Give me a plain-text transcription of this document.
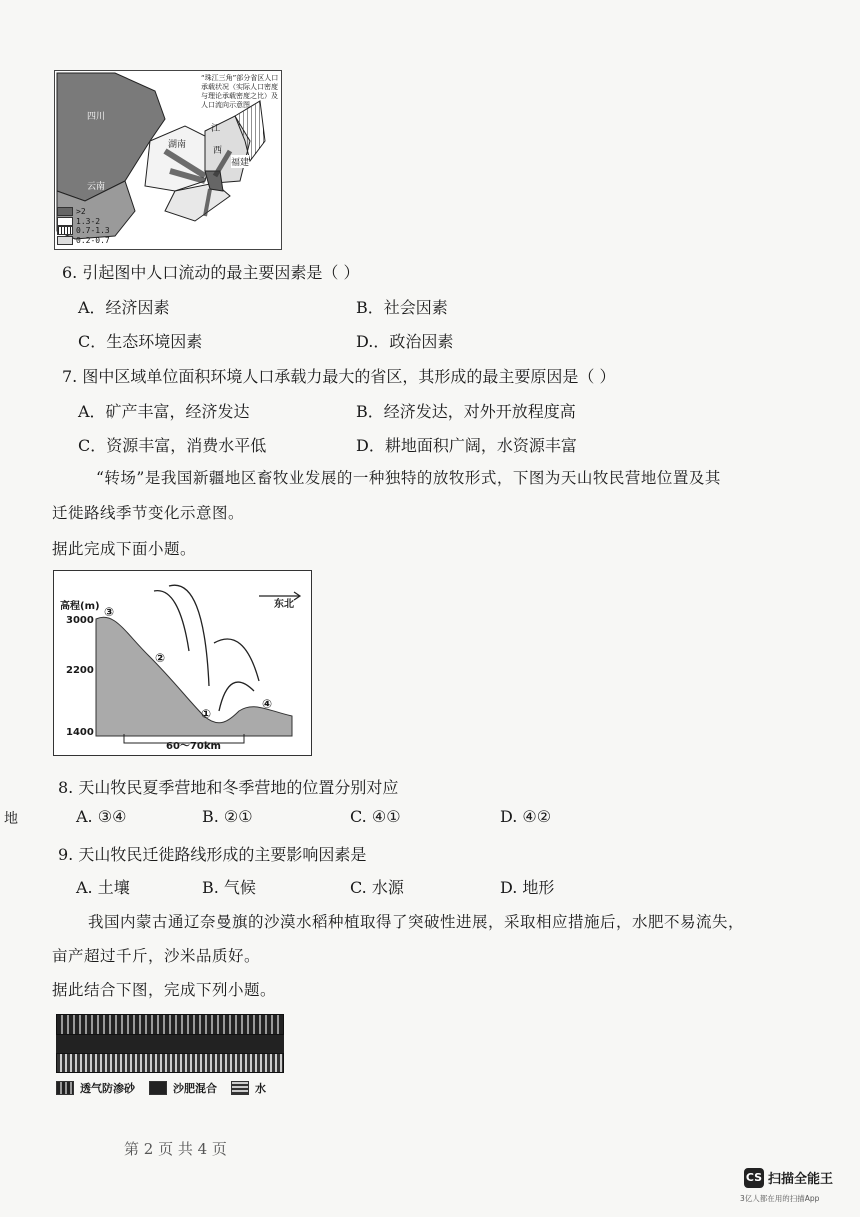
“珠江三角”部分省区人口承载状况（实际人口密度与理论承载密度之比）及人口流向示意图
四川
湖南
江
西
福建
云南
>2
1.3-2
0.7-1.3
0.2-0.7
6. 引起图中人口流动的最主要因素是（ ）
A．经济因素	B．社会因素
C．生态环境因素	D.．政治因素
7. 图中区域单位面积环境人口承载力最大的省区，其形成的最主要原因是（ ）
A．矿产丰富，经济发达	B．经济发达，对外开放程度高
C．资源丰富，消费水平低	D．耕地面积广阔，水资源丰富
“转场”是我国新疆地区畜牧业发展的一种独特的放牧形式，下图为天山牧民营地位置及其
迁徙路线季节变化示意图。
据此完成下面小题。
高程(m)	东北
3000
2200
1400
③
②
①
④
60～70km
地
8. 天山牧民夏季营地和冬季营地的位置分别对应
A. ③④	B. ②①	C. ④①	D. ④②
9. 天山牧民迁徙路线形成的主要影响因素是
A. 土壤	B. 气候	C. 水源	D. 地形
我国内蒙古通辽奈曼旗的沙漠水稻种植取得了突破性进展，采取相应措施后，水肥不易流失，
亩产超过千斤，沙米品质好。
据此结合下图，完成下列小题。
透气防渗砂	沙肥混合	水
第 2 页 共 4 页
CS 扫描全能王
3亿人都在用的扫描App
